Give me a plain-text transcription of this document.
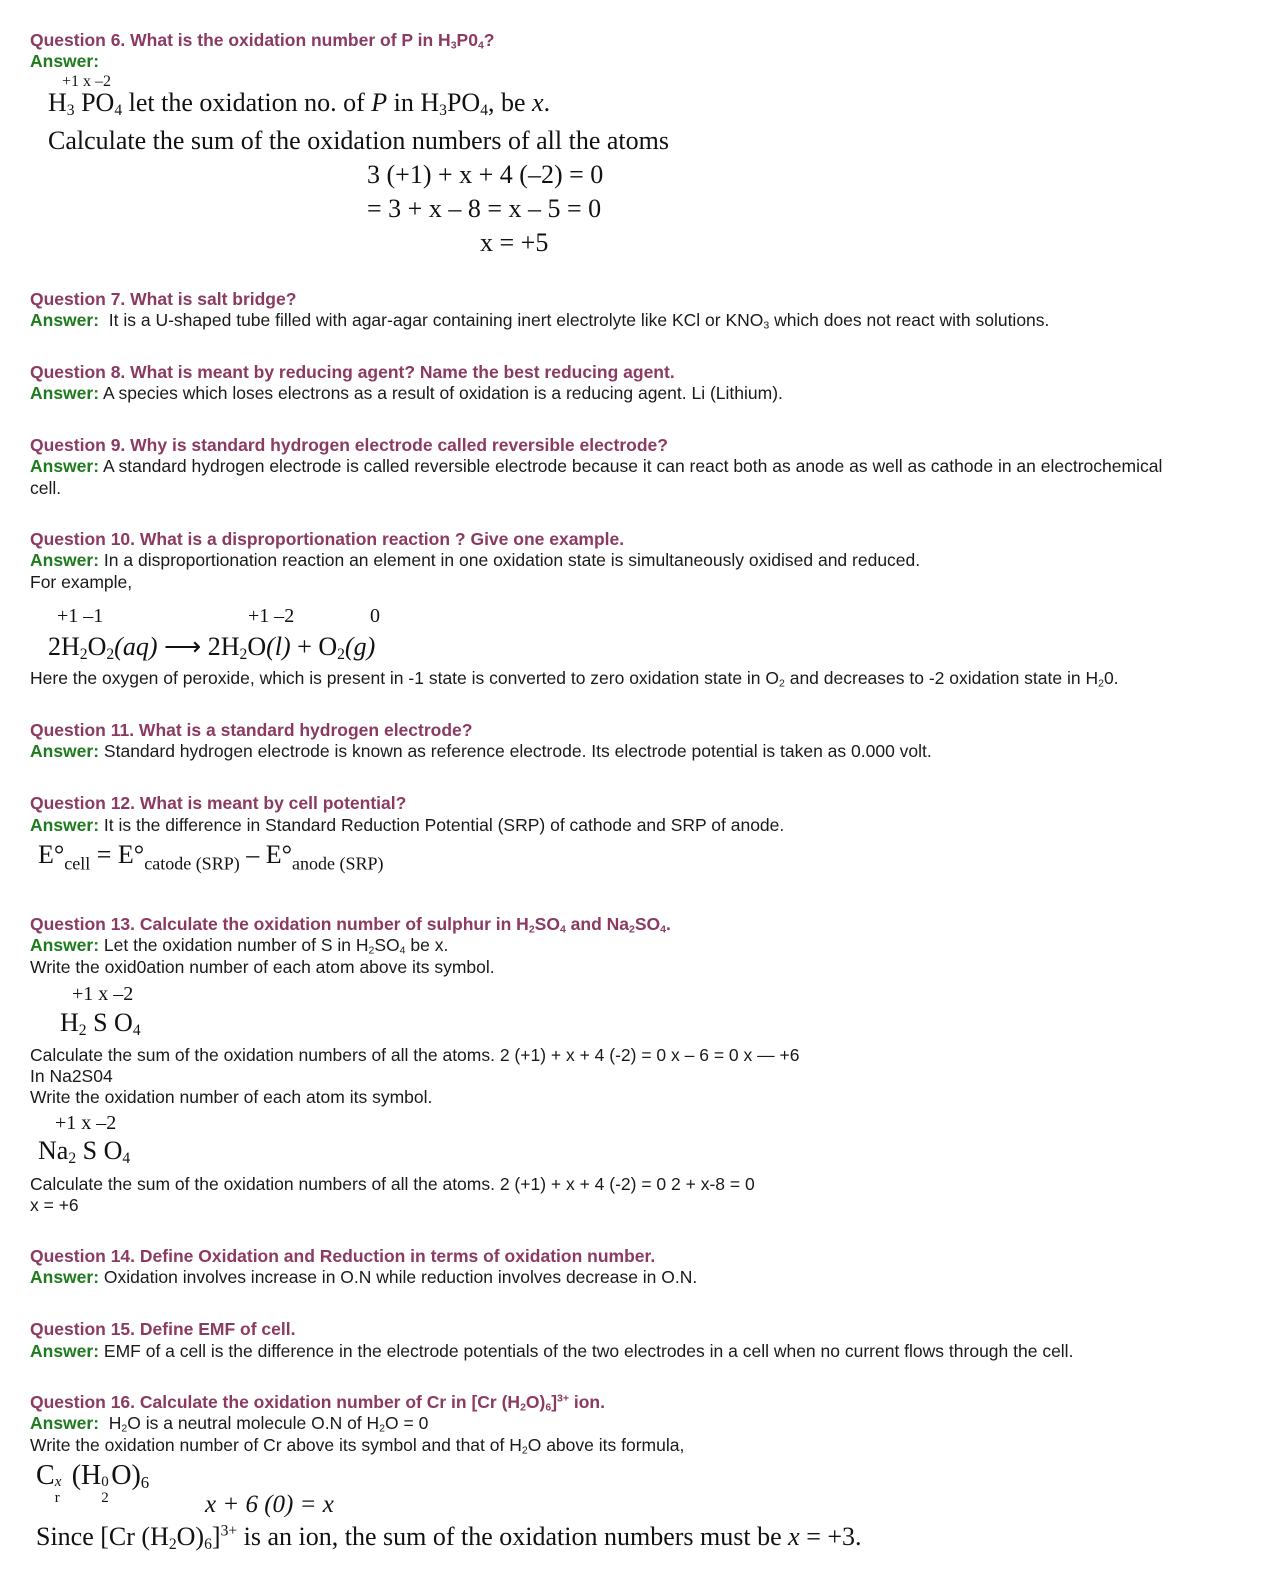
Question 6. What is the oxidation number of P in $H_3P0_4$?
Answer:
+1 x –2
$H_3$ $PO_4$ let the oxidation no. of P in $H_3PO_4$, be x.
Calculate the sum of the oxidation numbers of all the atoms
3 (+1) + x + 4 (–2) = 0
= 3 + x – 8 = x – 5 = 0
x = +5
Question 7. What is salt bridge?
Answer: It is a U-shaped tube filled with agar-agar containing inert electrolyte like KCl or $KNO_3$ which does not react with solutions.
Question 8. What is meant by reducing agent? Name the best reducing agent.
Answer: A species which loses electrons as a result of oxidation is a reducing agent. Li (Lithium).
Question 9. Why is standard hydrogen electrode called reversible electrode?
Answer: A standard hydrogen electrode is called reversible electrode because it can react both as anode as well as cathode in an electrochemical
cell.
Question 10. What is a disproportionation reaction ? Give one example.
Answer: In a disproportionation reaction an element in one oxidation state is simultaneously oxidised and reduced.
For example,
+1 –1	+1 –2	0
$2H_2O_2(aq)$ ⟶ $2H_2O(l) + O_2(g)$
Here the oxygen of peroxide, which is present in -1 state is converted to zero oxidation state in $O_2$ and decreases to -2 oxidation state in $H_20$.
Question 11. What is a standard hydrogen electrode?
Answer: Standard hydrogen electrode is known as reference electrode. Its electrode potential is taken as 0.000 volt.
Question 12. What is meant by cell potential?
Answer: It is the difference in Standard Reduction Potential (SRP) of cathode and SRP of anode.
$E^\circ_{cell} = E^\circ_{catode (SRP)} - E^\circ_{anode (SRP)}$
Question 13. Calculate the oxidation number of sulphur in $H_2SO_4$ and $Na_2SO_4$.
Answer: Let the oxidation number of S in $H_2SO_4$ be x.
Write the oxid0ation number of each atom above its symbol.
+1 x –2
$H_2$ S $O_4$
Calculate the sum of the oxidation numbers of all the atoms. 2 (+1) + x + 4 (-2) = 0 x – 6 = 0 x — +6
In Na2S04
Write the oxidation number of each atom its symbol.
+1 x –2
$Na_2$ S $O_4$
Calculate the sum of the oxidation numbers of all the atoms. 2 (+1) + x + 4 (-2) = 0 2 + x-8 = 0
x = +6
Question 14. Define Oxidation and Reduction in terms of oxidation number.
Answer: Oxidation involves increase in O.N while reduction involves decrease in O.N.
Question 15. Define EMF of cell.
Answer: EMF of a cell is the difference in the electrode potentials of the two electrodes in a cell when no current flows through the cell.
Question 16. Calculate the oxidation number of Cr in [Cr $(H_2O)_6]^{3+}$ ion.
Answer: $H_2O$ is a neutral molecule O.N of $H_2O = 0$
Write the oxidation number of Cr above its symbol and that of $H_2O$ above its formula,
C x
r
(H 0
2
$O)_6$
x + 6 (0) = x
Since [Cr $(H_2O)_6]^{3+}$ is an ion, the sum of the oxidation numbers must be x = +3.
